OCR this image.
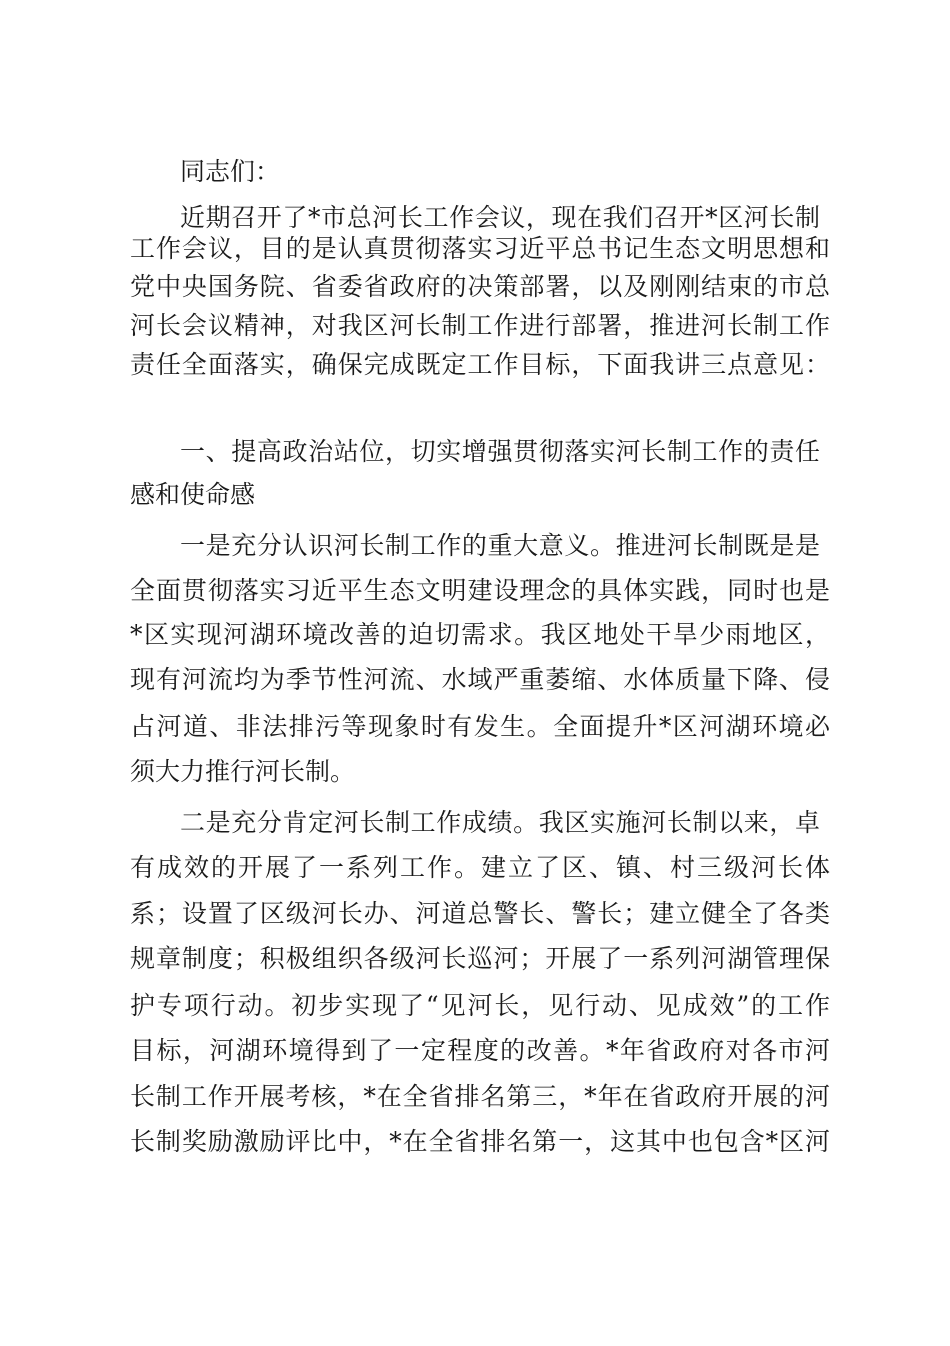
同志们：
近期召开了*市总河长工作会议，现在我们召开*区河长制
工作会议，目的是认真贯彻落实习近平总书记生态文明思想和
党中央国务院、省委省政府的决策部署，以及刚刚结束的市总
河长会议精神，对我区河长制工作进行部署，推进河长制工作
责任全面落实，确保完成既定工作目标，下面我讲三点意见：
一、提高政治站位，切实增强贯彻落实河长制工作的责任
感和使命感
一是充分认识河长制工作的重大意义。推进河长制既是是
全面贯彻落实习近平生态文明建设理念的具体实践，同时也是
*区实现河湖环境改善的迫切需求。我区地处干旱少雨地区，
现有河流均为季节性河流、水域严重萎缩、水体质量下降、侵
占河道、非法排污等现象时有发生。全面提升*区河湖环境必
须大力推行河长制。
二是充分肯定河长制工作成绩。我区实施河长制以来，卓
有成效的开展了一系列工作。建立了区、镇、村三级河长体
系；设置了区级河长办、河道总警长、警长；建立健全了各类
规章制度；积极组织各级河长巡河；开展了一系列河湖管理保
护专项行动。初步实现了“见河长，见行动、见成效”的工作
目标，河湖环境得到了一定程度的改善。*年省政府对各市河
长制工作开展考核，*在全省排名第三，*年在省政府开展的河
长制奖励激励评比中，*在全省排名第一，这其中也包含*区河
